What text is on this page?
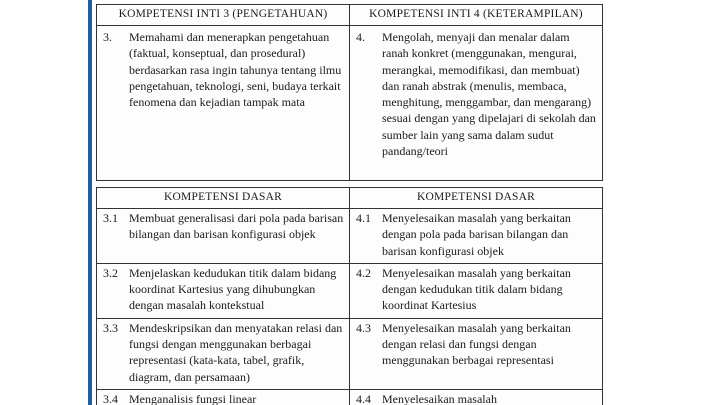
KOMPETENSI INTI 3 (PENGETAHUAN)	KOMPETENSI INTI 4 (KETERAMPILAN)

3. Memahami dan menerapkan pengetahuan (faktual, konseptual, dan prosedural) berdasarkan rasa ingin tahunya tentang ilmu pengetahuan, teknologi, seni, budaya terkait fenomena dan kejadian tampak mata	4. Mengolah, menyaji dan menalar dalam ranah konkret (menggunakan, mengurai, merangkai, memodifikasi, dan membuat) dan ranah abstrak (menulis, membaca, menghitung, menggambar, dan mengarang) sesuai dengan yang dipelajari di sekolah dan sumber lain yang sama dalam sudut pandang/teori
KOMPETENSI DASAR	KOMPETENSI DASAR

3.1 Membuat generalisasi dari pola pada barisan bilangan dan barisan konfigurasi objek	4.1 Menyelesaikan masalah yang berkaitan dengan pola pada barisan bilangan dan barisan konfigurasi objek

3.2 Menjelaskan kedudukan titik dalam bidang koordinat Kartesius yang dihubungkan dengan masalah kontekstual	4.2 Menyelesaikan masalah yang berkaitan dengan kedudukan titik dalam bidang koordinat Kartesius

3.3 Mendeskripsikan dan menyatakan relasi dan fungsi dengan menggunakan berbagai representasi (kata-kata, tabel, grafik, diagram, dan persamaan)	4.3 Menyelesaikan masalah yang berkaitan dengan relasi dan fungsi dengan menggunakan berbagai representasi

3.4 Menganalisis fungsi linear	4.4 Menyelesaikan masalah
